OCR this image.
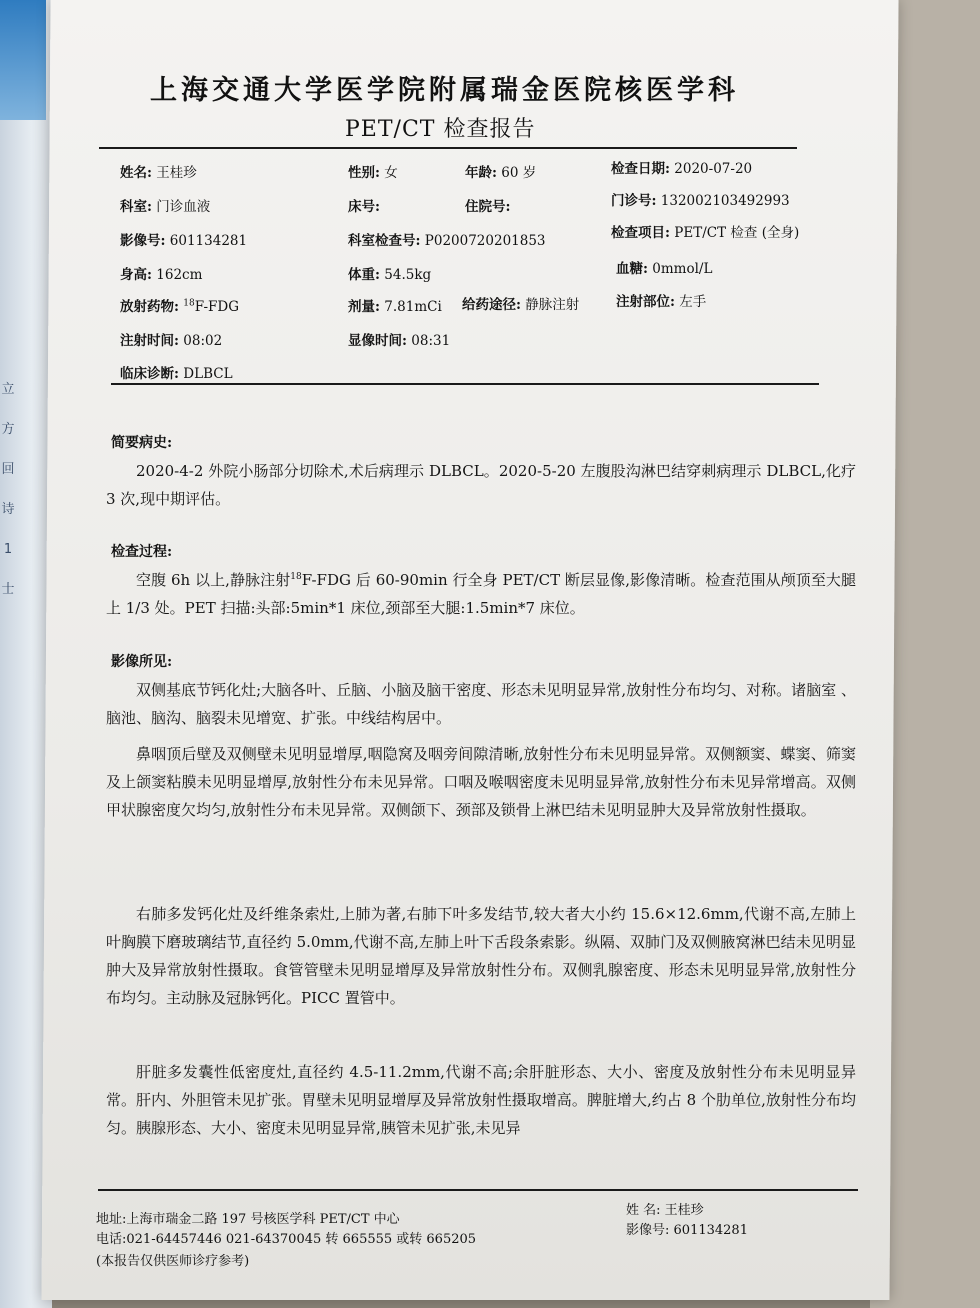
立
方
回
诗
1
士
上海交通大学医学院附属瑞金医院核医学科
PET/CT 检查报告
姓名: 王桂珍	性别: 女	年龄: 60 岁	检查日期: 2020-07-20
科室: 门诊血液	床号:	住院号:	门诊号: 132002103492993
影像号: 601134281	科室检查号: P0200720201853	检查项目: PET/CT 检查 (全身)
身高: 162cm	体重: 54.5kg	血糖: 0mmol/L
放射药物: $^{18}$F-FDG	剂量: 7.81mCi 给药途径: 静脉注射	注射部位: 左手
注射时间: 08:02	显像时间: 08:31
临床诊断: DLBCL
简要病史:
2020-4-2 外院小肠部分切除术,术后病理示 DLBCL。2020-5-20 左腹股沟淋巴结穿刺病理示 DLBCL,化疗 3 次,现中期评估。
检查过程:
空腹 6h 以上,静脉注射$^{18}$F-FDG 后 60-90min 行全身 PET/CT 断层显像,影像清晰。检查范围从颅顶至大腿上 1/3 处。PET 扫描:头部:5min*1 床位,颈部至大腿:1.5min*7 床位。
影像所见:
双侧基底节钙化灶;大脑各叶、丘脑、小脑及脑干密度、形态未见明显异常,放射性分布均匀、对称。诸脑室 、脑池、脑沟、脑裂未见增宽、扩张。中线结构居中。
鼻咽顶后壁及双侧壁未见明显增厚,咽隐窝及咽旁间隙清晰,放射性分布未见明显异常。双侧额窦、蝶窦、筛窦及上颌窦粘膜未见明显增厚,放射性分布未见异常。口咽及喉咽密度未见明显异常,放射性分布未见异常增高。双侧甲状腺密度欠均匀,放射性分布未见异常。双侧颌下、颈部及锁骨上淋巴结未见明显肿大及异常放射性摄取。
右肺多发钙化灶及纤维条索灶,上肺为著,右肺下叶多发结节,较大者大小约 15.6×12.6mm,代谢不高,左肺上叶胸膜下磨玻璃结节,直径约 5.0mm,代谢不高,左肺上叶下舌段条索影。纵隔、双肺门及双侧腋窝淋巴结未见明显肿大及异常放射性摄取。食管管壁未见明显增厚及异常放射性分布。双侧乳腺密度、形态未见明显异常,放射性分布均匀。主动脉及冠脉钙化。PICC 置管中。
肝脏多发囊性低密度灶,直径约 4.5-11.2mm,代谢不高;余肝脏形态、大小、密度及放射性分布未见明显异常。肝内、外胆管未见扩张。胃壁未见明显增厚及异常放射性摄取增高。脾脏增大,约占 8 个肋单位,放射性分布均匀。胰腺形态、大小、密度未见明显异常,胰管未见扩张,未见异
地址:上海市瑞金二路 197 号核医学科 PET/CT 中心
电话:021-64457446 021-64370045 转 665555 或转 665205
(本报告仅供医师诊疗参考)
姓 名: 王桂珍
影像号: 601134281
